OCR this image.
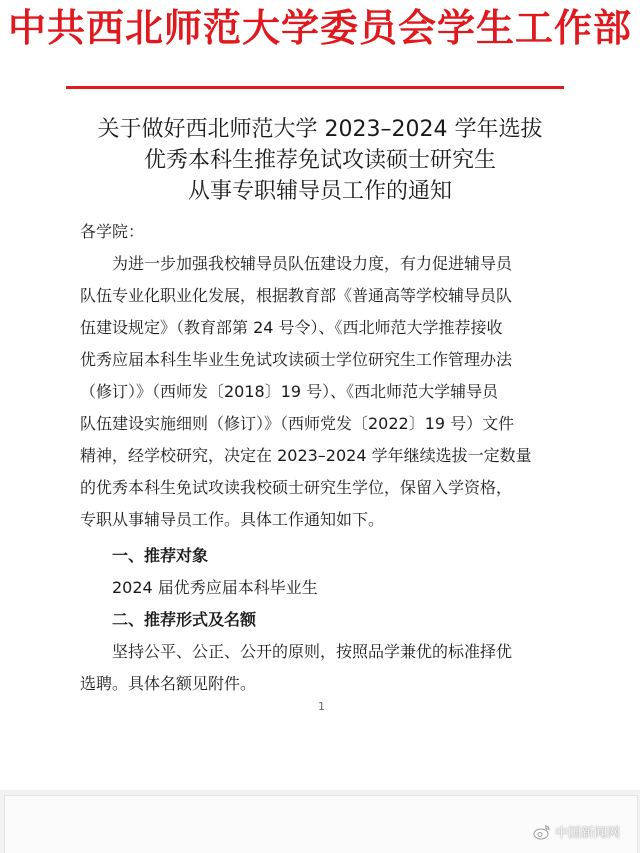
中共西北师范大学委员会学生工作部
关于做好西北师范大学 2023–2024 学年选拔
优秀本科生推荐免试攻读硕士研究生
从事专职辅导员工作的通知
各学院：
为进一步加强我校辅导员队伍建设力度，有力促进辅导员
队伍专业化职业化发展，根据教育部《普通高等学校辅导员队
伍建设规定》（教育部第 24 号令）、《西北师范大学推荐接收
优秀应届本科生毕业生免试攻读硕士学位研究生工作管理办法
（修订）》（西师发〔2018〕19 号）、《西北师范大学辅导员
队伍建设实施细则（修订）》（西师党发〔2022〕19 号）文件
精神，经学校研究，决定在 2023–2024 学年继续选拔一定数量
的优秀本科生免试攻读我校硕士研究生学位，保留入学资格，
专职从事辅导员工作。具体工作通知如下。
一、推荐对象
2024 届优秀应届本科毕业生
二、推荐形式及名额
坚持公平、公正、公开的原则，按照品学兼优的标准择优
选聘。具体名额见附件。
1
中国新闻网
